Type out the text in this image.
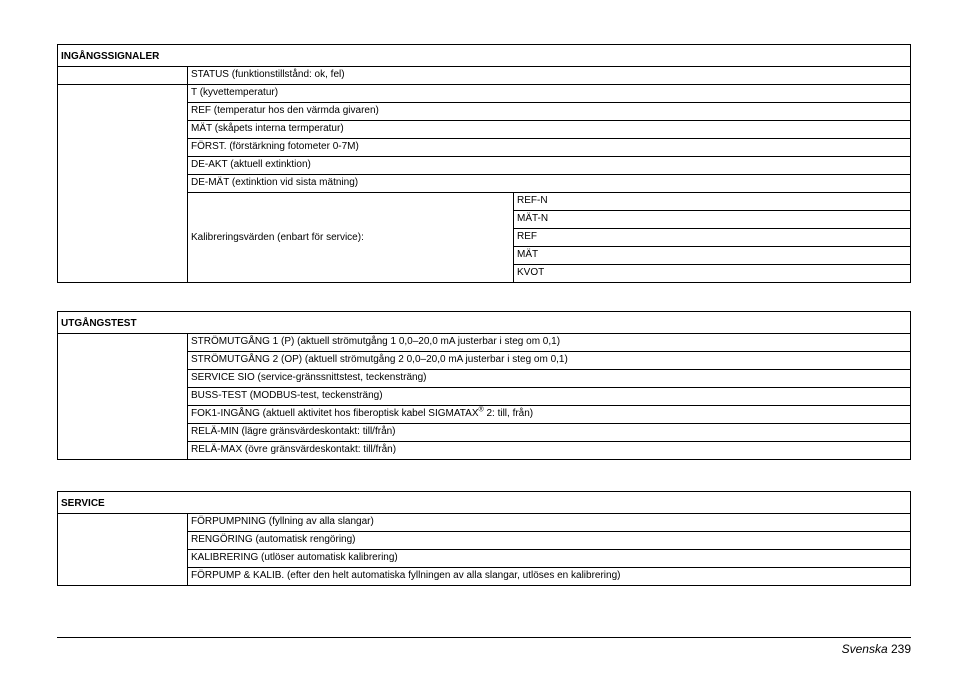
INGÅNGSSIGNALER		
	STATUS (funktionstillstånd: ok, fel)	
	T (kyvettemperatur)	
	REF (temperatur hos den värmda givaren)	
	MÄT (skåpets interna termperatur)	
	FÖRST. (förstärkning fotometer 0-7M)	
	DE-AKT (aktuell extinktion)	
	DE-MÄT (extinktion vid sista mätning)	
	Kalibreringsvärden (enbart för service):	REF-N
		MÄT-N
		REF
		MÄT
		KVOT
UTGÅNGSTEST
	STRÖMUTGÅNG 1 (P) (aktuell strömutgång 1 0,0–20,0 mA justerbar i steg om 0,1)
STRÖMUTGÅNG 2 (OP) (aktuell strömutgång 2 0,0–20,0 mA justerbar i steg om 0,1)
SERVICE SIO (service-gränssnittstest, teckensträng)
BUSS-TEST (MODBUS-test, teckensträng)
FOK1-INGÅNG (aktuell aktivitet hos fiberoptisk kabel SIGMATAX® 2: till, från)
RELÄ-MIN (lägre gränsvärdeskontakt: till/från)
RELÄ-MAX (övre gränsvärdeskontakt: till/från)
SERVICE
	FÖRPUMPNING (fyllning av alla slangar)
RENGÖRING (automatisk rengöring)
KALIBRERING (utlöser automatisk kalibrering)
FÖRPUMP & KALIB. (efter den helt automatiska fyllningen av alla slangar, utlöses en kalibrering)
Svenska 239
